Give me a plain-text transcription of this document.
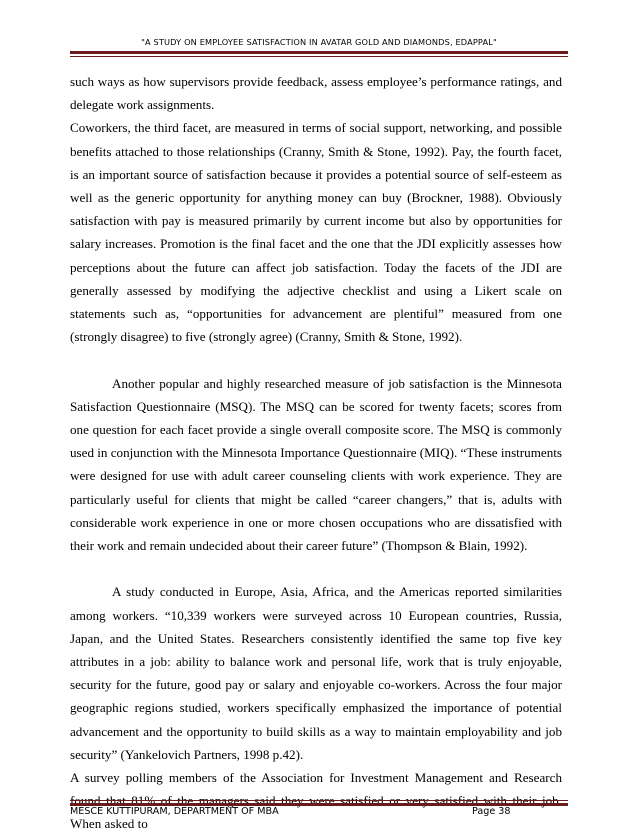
"A STUDY ON EMPLOYEE SATISFACTION IN AVATAR GOLD AND DIAMONDS, EDAPPAL"

such ways as how supervisors provide feedback, assess employee’s performance ratings, and delegate work assignments.

Coworkers, the third facet, are measured in terms of social support, networking, and possible benefits attached to those relationships (Cranny, Smith & Stone, 1992). Pay, the fourth facet, is an important source of satisfaction because it provides a potential source of self-esteem as well as the generic opportunity for anything money can buy (Brockner, 1988). Obviously satisfaction with pay is measured primarily by current income but also by opportunities for salary increases. Promotion is the final facet and the one that the JDI explicitly assesses how perceptions about the future can affect job satisfaction. Today the facets of the JDI are generally assessed by modifying the adjective checklist and using a Likert scale on statements such as, “opportunities for advancement are plentiful” measured from one (strongly disagree) to five (strongly agree) (Cranny, Smith & Stone, 1992).

Another popular and highly researched measure of job satisfaction is the Minnesota Satisfaction Questionnaire (MSQ). The MSQ can be scored for twenty facets; scores from one question for each facet provide a single overall composite score. The MSQ is commonly used in conjunction with the Minnesota Importance Questionnaire (MIQ). “These instruments were designed for use with adult career counseling clients with work experience. They are particularly useful for clients that might be called “career changers,” that is, adults with considerable work experience in one or more chosen occupations who are dissatisfied with their work and remain undecided about their career future” (Thompson & Blain, 1992).

A study conducted in Europe, Asia, Africa, and the Americas reported similarities among workers. “10,339 workers were surveyed across 10 European countries, Russia, Japan, and the United States. Researchers consistently identified the same top five key attributes in a job: ability to balance work and personal life, work that is truly enjoyable, security for the future, good pay or salary and enjoyable co-workers. Across the four major geographic regions studied, workers specifically emphasized the importance of potential advancement and the opportunity to build skills as a way to maintain employability and job security” (Yankelovich Partners, 1998 p.42).

A survey polling members of the Association for Investment Management and Research found that 81% of the managers said they were satisfied or very satisfied with their job. When asked to

MESCE KUTTIPURAM, DEPARTMENT OF MBA	Page 38
